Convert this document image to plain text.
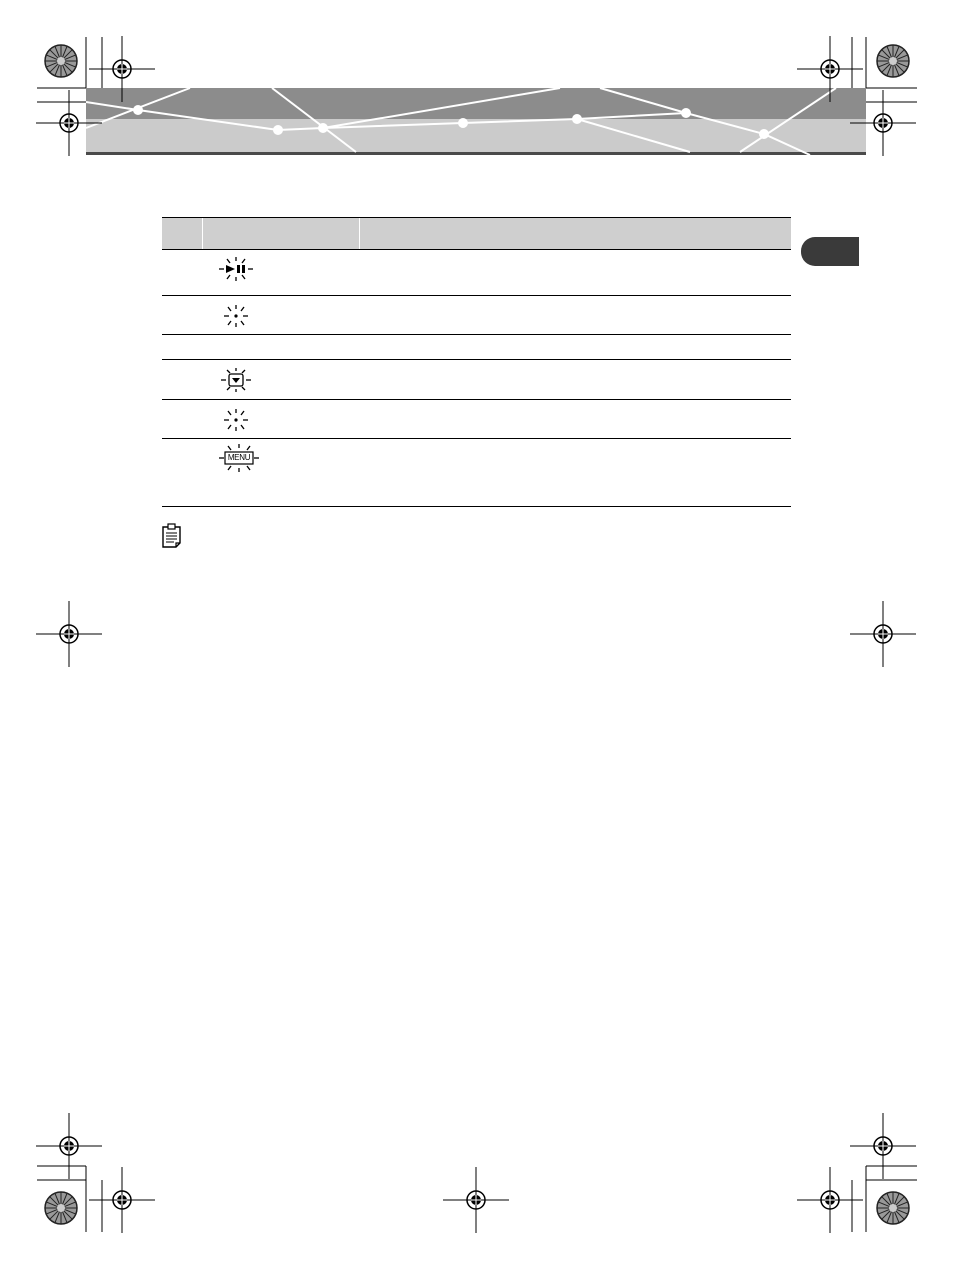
MENU
